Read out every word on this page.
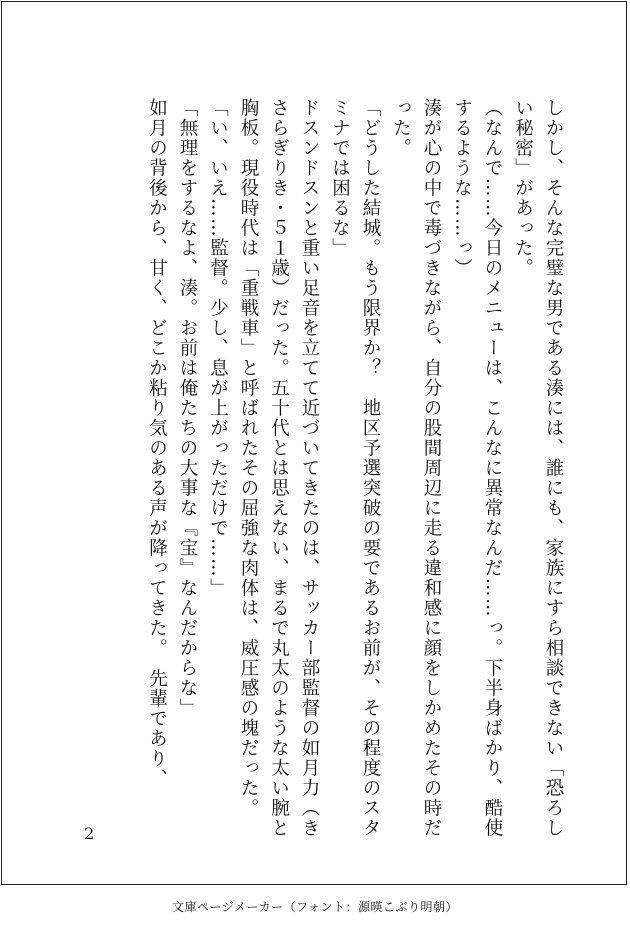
しかし、そんな完璧な男である湊には、誰にも、家族にすら相談できない「恐ろしい秘密」があった。

（なんで……今日のメニューは、こんなに異常なんだ……っ。下半身ばかり、酷使するような……っ）

湊が心の中で毒づきながら、自分の股間周辺に走る違和感に顔をしかめたその時だった。

「どうした結城。もう限界か？　地区予選突破の要であるお前が、その程度のスタミナでは困るな」

ドスンドスンと重い足音を立てて近づいてきたのは、サッカー部監督の如月力（きさらぎりき・５１歳）だった。五十代とは思えない、まるで丸太のような太い腕と胸板。現役時代は「重戦車」と呼ばれたその屈強な肉体は、威圧感の塊だった。

「い、いえ……監督。少し、息が上がっただけで……」

「無理をするなよ、湊。お前は俺たちの大事な『宝』なんだからな」

如月の背後から、甘く、どこか粘り気のある声が降ってきた。　先輩であり、

2
文庫ページメーカー（フォント：源暎こぶり明朝）
